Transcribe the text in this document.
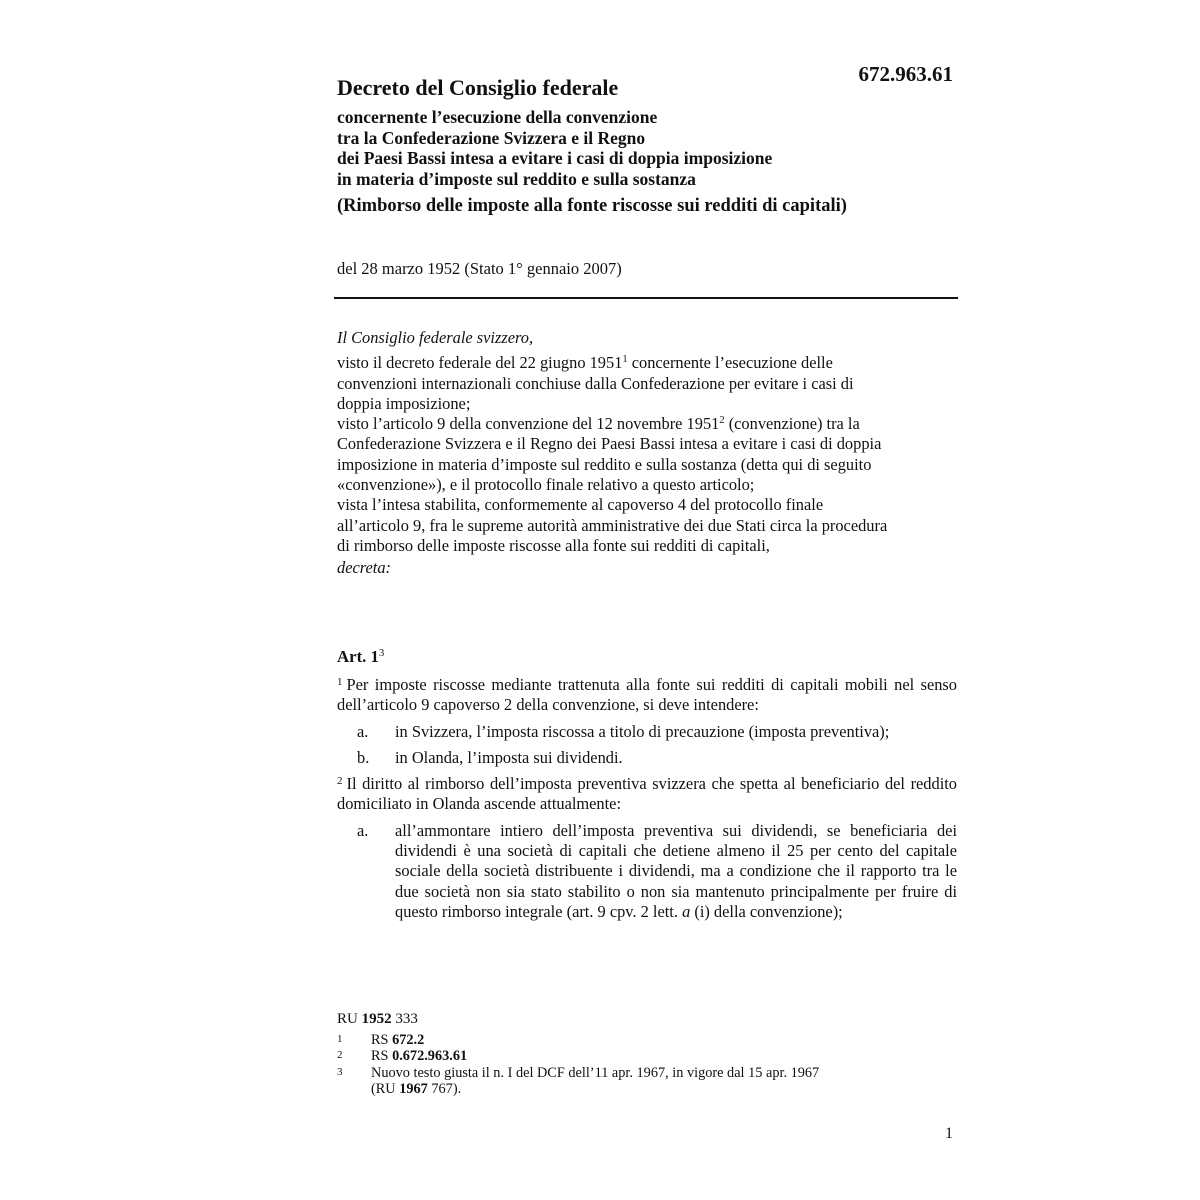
672.963.61
Decreto del Consiglio federale
concernente l’esecuzione della convenzione
tra la Confederazione Svizzera e il Regno
dei Paesi Bassi intesa a evitare i casi di doppia imposizione
in materia d’imposte sul reddito e sulla sostanza
(Rimborso delle imposte alla fonte riscosse sui redditi di capitali)
del 28 marzo 1952 (Stato 1° gennaio 2007)

Il Consiglio federale svizzero,

visto il decreto federale del 22 giugno 1951$^1$ concernente l’esecuzione delle

convenzioni internazionali conchiuse dalla Confederazione per evitare i casi di

doppia imposizione;

visto l’articolo 9 della convenzione del 12 novembre 1951$^2$ (convenzione) tra la

Confederazione Svizzera e il Regno dei Paesi Bassi intesa a evitare i casi di doppia

imposizione in materia d’imposte sul reddito e sulla sostanza (detta qui di seguito

«convenzione»), e il protocollo finale relativo a questo articolo;

vista l’intesa stabilita, conformemente al capoverso 4 del protocollo finale

all’articolo 9, fra le supreme autorità amministrative dei due Stati circa la procedura

di rimborso delle imposte riscosse alla fonte sui redditi di capitali,

decreta:

Art. $1^3$

$^1$ Per imposte riscosse mediante trattenuta alla fonte sui redditi di capitali mobili nel senso dell’articolo 9 capoverso 2 della convenzione, si deve intendere:

a.	in Svizzera, l’imposta riscossa a titolo di precauzione (imposta preventiva);
b.	in Olanda, l’imposta sui dividendi.

$^2$ Il diritto al rimborso dell’imposta preventiva svizzera che spetta al beneficiario del reddito domiciliato in Olanda ascende attualmente:

a.	all’ammontare intiero dell’imposta preventiva sui dividendi, se beneficiaria dei dividendi è una società di capitali che detiene almeno il 25 per cento del capitale sociale della società distribuente i dividendi, ma a condizione che il rapporto tra le due società non sia stato stabilito o non sia mantenuto principalmente per fruire di questo rimborso integrale (art. 9 cpv. 2 lett. a (i) della convenzione);
RU 1952 333
1	RS 672.2
2	RS 0.672.963.61
3	Nuovo testo giusta il n. I del DCF dell’11 apr. 1967, in vigore dal 15 apr. 1967
(RU 1967 767).
1
